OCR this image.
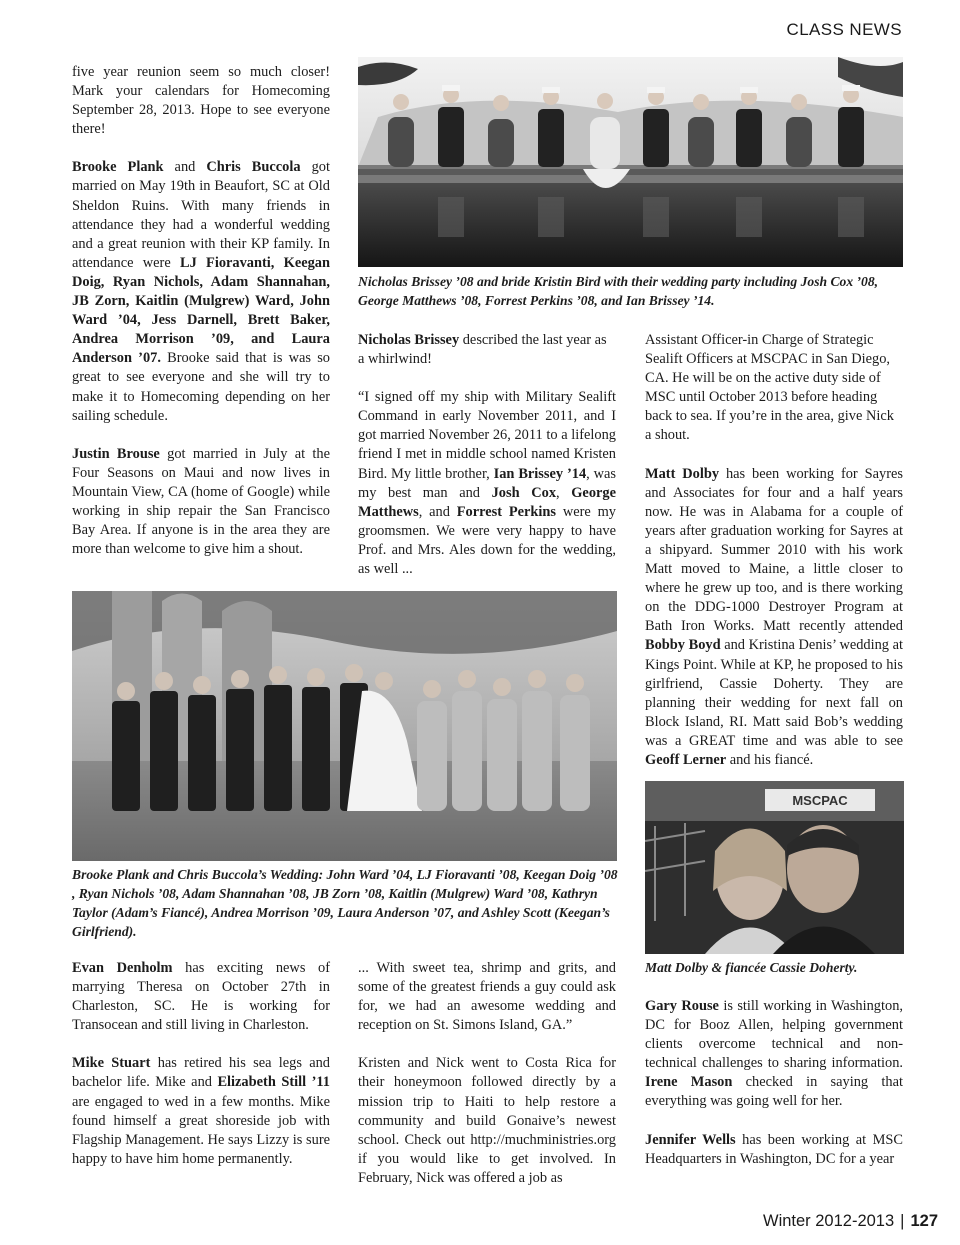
CLASS NEWS

five year reunion seem so much closer! Mark your calendars for Homecoming September 28, 2013. Hope to see everyone there!

Brooke Plank and Chris Buccola got married on May 19th in Beaufort, SC at Old Sheldon Ruins. With many friends in attendance they had a wonderful wedding and a great reunion with their KP family. In attendance were LJ Fioravanti, Keegan Doig, Ryan Nichols, Adam Shannahan, JB Zorn, Kaitlin (Mulgrew) Ward, John Ward ’04, Jess Darnell, Brett Baker, Andrea Morrison ’09, and Laura Anderson ’07. Brooke said that is was so great to see everyone and she will try to make it to Homecoming depending on her sailing schedule.

Justin Brouse got married in July at the Four Seasons on Maui and now lives in Mountain View, CA (home of Google) while working in ship repair the San Francisco Bay Area. If anyone is in the area they are more than welcome to give him a shout.

Nicholas Brissey ’08 and bride Kristin Bird with their wedding party including Josh Cox ’08, George Matthews ’08, Forrest Perkins ’08, and Ian Brissey ’14.

Nicholas Brissey described the last year as a whirlwind!

“I signed off my ship with Military Sealift Command in early November 2011, and I got married November 26, 2011 to a lifelong friend I met in middle school named Kristen Bird. My little brother, Ian Brissey ’14, was my best man and Josh Cox, George Matthews, and Forrest Perkins were my groomsmen. We were very happy to have Prof. and Mrs. Ales down for the wedding, as well ...

Assistant Officer-in Charge of Strategic Sealift Officers at MSCPAC in San Diego, CA. He will be on the active duty side of MSC until October 2013 before heading back to sea. If you’re in the area, give Nick a shout.

Matt Dolby has been working for Sayres and Associates for four and a half years now. He was in Alabama for a couple of years after graduation working for Sayres at a shipyard. Summer 2010 with his work Matt moved to Maine, a little closer to where he grew up too, and is there working on the DDG-1000 Destroyer Program at Bath Iron Works. Matt recently attended Bobby Boyd and Kristina Denis’ wedding at Kings Point. While at KP, he proposed to his girlfriend, Cassie Doherty. They are planning their wedding for next fall on Block Island, RI. Matt said Bob’s wedding was a GREAT time and was able to see Geoff Lerner and his fiancé.

Brooke Plank and Chris Buccola’s Wedding: John Ward ’04, LJ Fioravanti ’08, Keegan Doig ’08 , Ryan Nichols ’08, Adam Shannahan ’08, JB Zorn ’08, Kaitlin (Mulgrew) Ward ’08, Kathryn Taylor (Adam’s Fiancé), Andrea Morrison ’09, Laura Anderson ’07, and Ashley Scott (Keegan’s Girlfriend).
MSCPAC
Matt Dolby & fiancée Cassie Doherty.

Evan Denholm has exciting news of marrying Theresa on October 27th in Charleston, SC. He is working for Transocean and still living in Charleston.

Mike Stuart has retired his sea legs and bachelor life. Mike and Elizabeth Still ’11 are engaged to wed in a few months. Mike found himself a great shoreside job with Flagship Management. He says Lizzy is sure happy to have him home permanently.

... With sweet tea, shrimp and grits, and some of the greatest friends a guy could ask for, we had an awesome wedding and reception on St. Simons Island, GA.”

Kristen and Nick went to Costa Rica for their honeymoon followed directly by a mission trip to Haiti to help restore a community and build Gonaive’s newest school. Check out http://muchministries.org if you would like to get involved. In February, Nick was offered a job as

Gary Rouse is still working in Washington, DC for Booz Allen, helping government clients overcome technical and non-technical challenges to sharing information. Irene Mason checked in saying that everything was going well for her.

Jennifer Wells has been working at MSC Headquarters in Washington, DC for a year

Winter 2012-2013 | 127
